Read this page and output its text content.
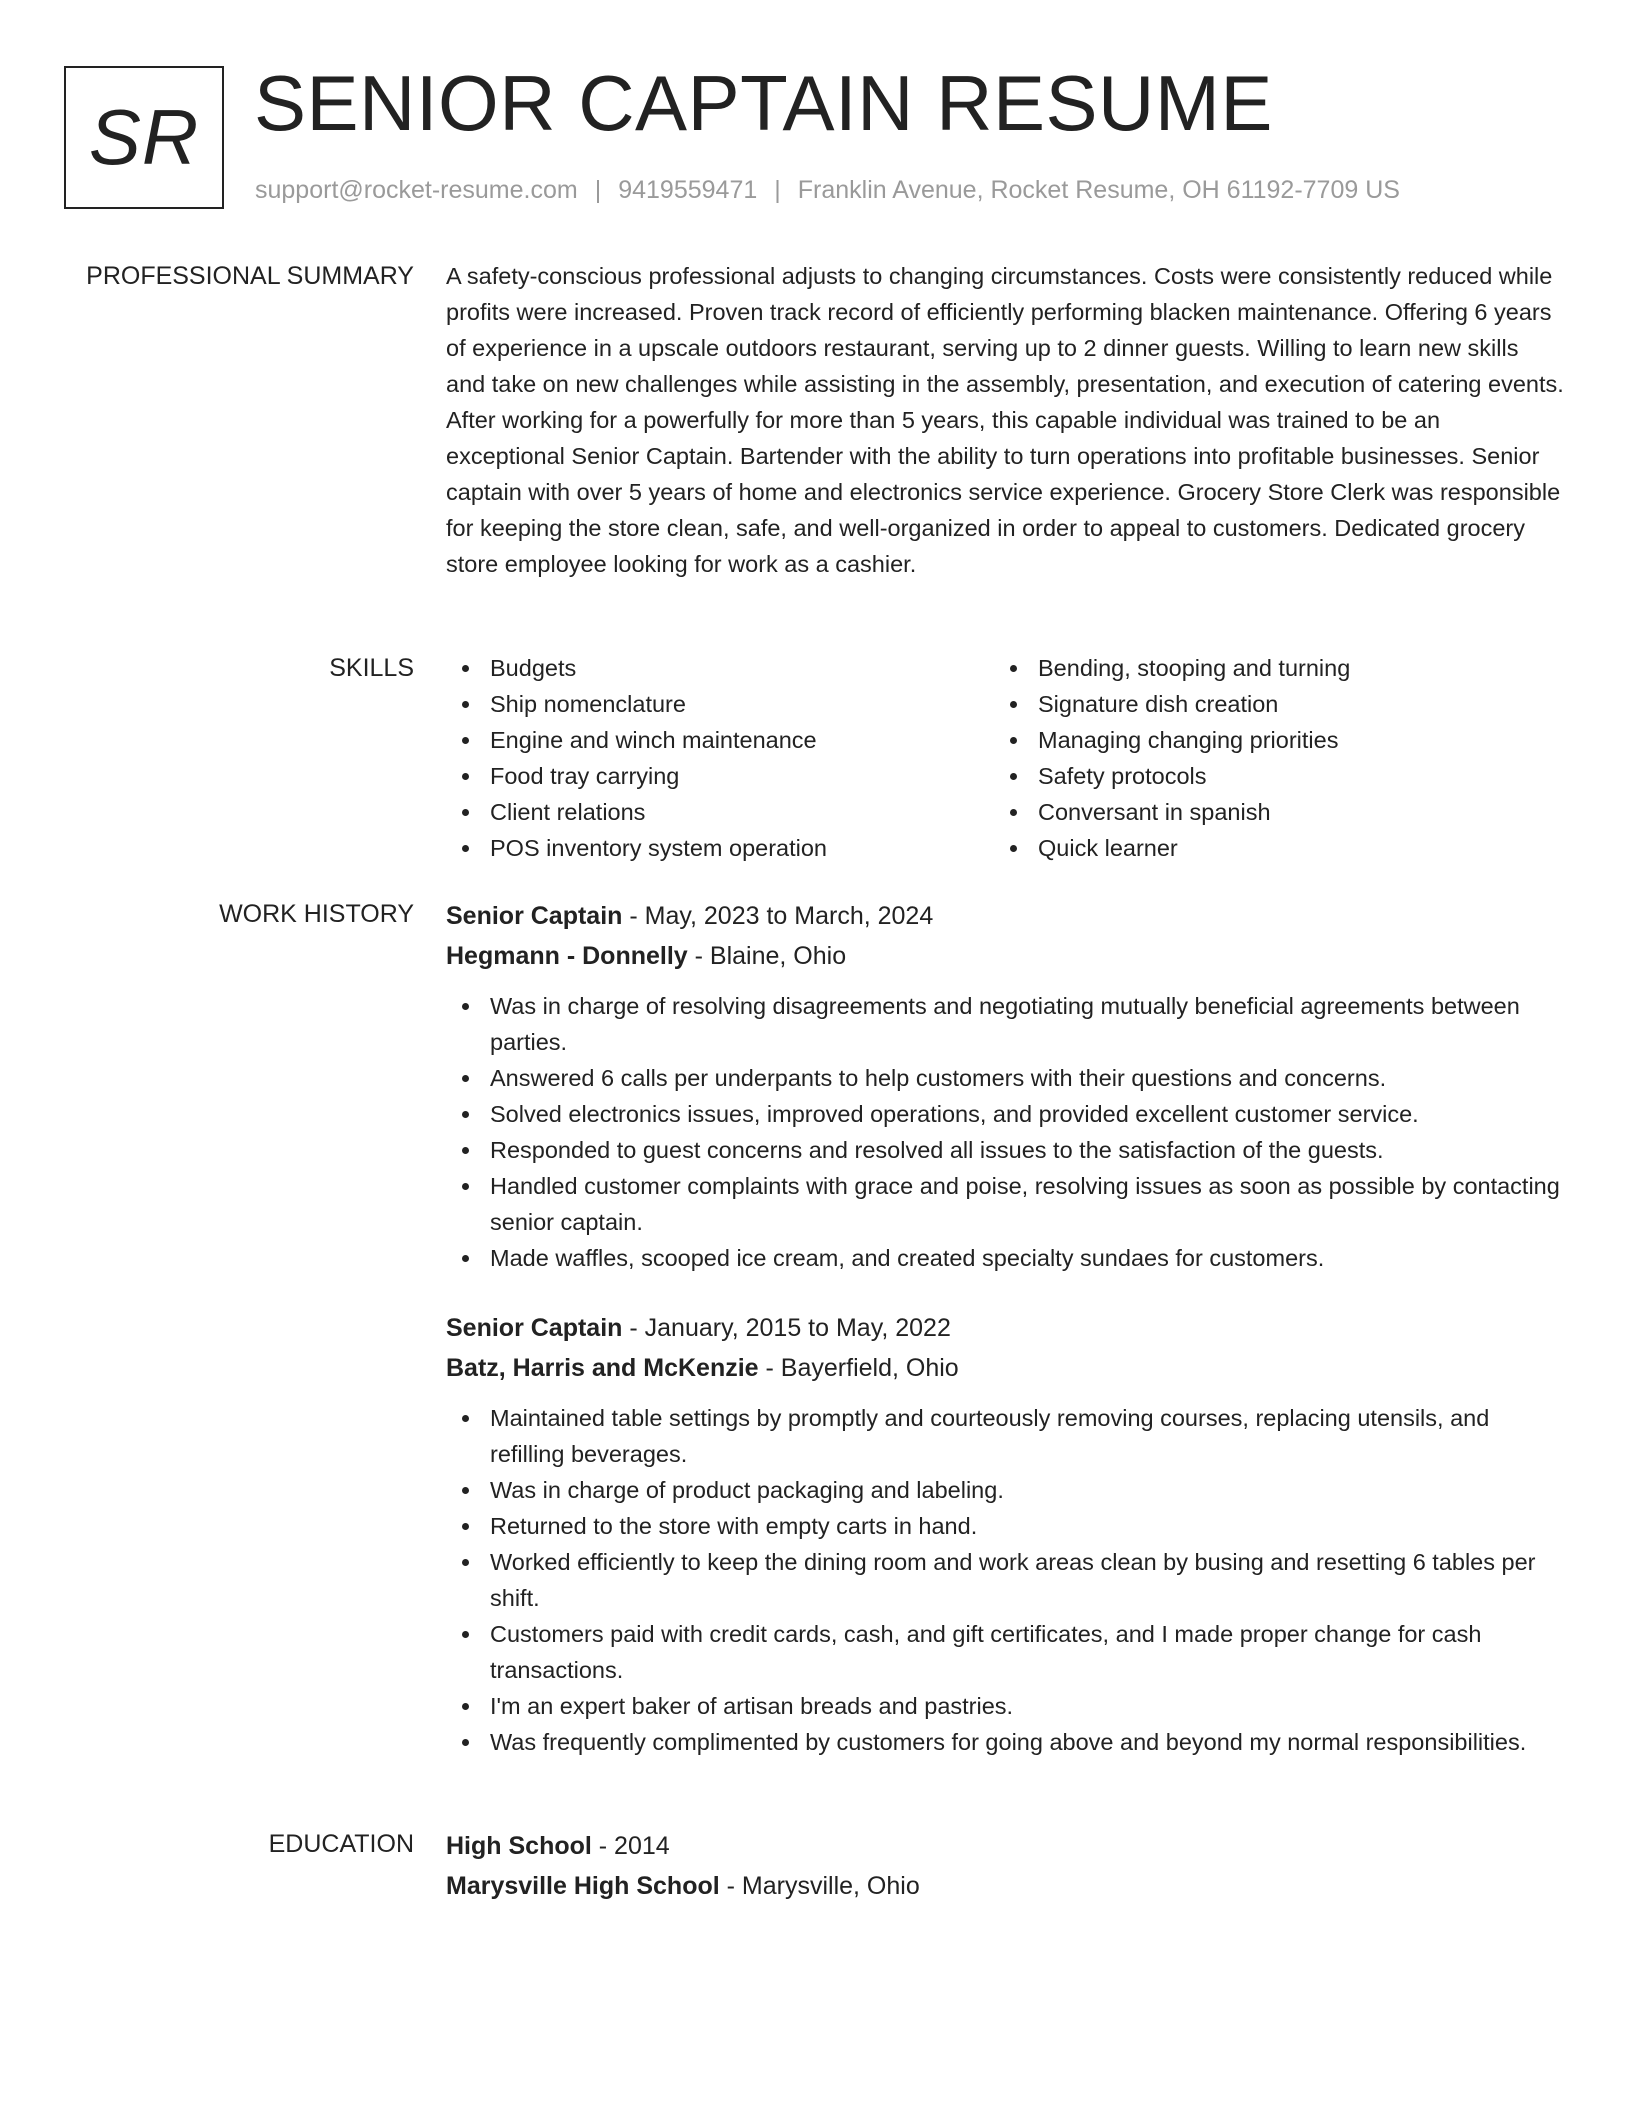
SR SENIOR CAPTAIN RESUME
support@rocket-resume.com | 9419559471 | Franklin Avenue, Rocket Resume, OH 61192-7709 US
PROFESSIONAL SUMMARY A safety-conscious professional adjusts to changing circumstances. Costs were consistently reduced while profits were increased. Proven track record of efficiently performing blacken maintenance. Offering 6 years of experience in a upscale outdoors restaurant, serving up to 2 dinner guests. Willing to learn new skills and take on new challenges while assisting in the assembly, presentation, and execution of catering events. After working for a powerfully for more than 5 years, this capable individual was trained to be an exceptional Senior Captain. Bartender with the ability to turn operations into profitable businesses. Senior captain with over 5 years of home and electronics service experience. Grocery Store Clerk was responsible for keeping the store clean, safe, and well-organized in order to appeal to customers. Dedicated grocery store employee looking for work as a cashier.
SKILLS	Budgets
Ship nomenclature
Engine and winch maintenance
Food tray carrying
Client relations
POS inventory system operation
Bending, stooping and turning
Signature dish creation
Managing changing priorities
Safety protocols
Conversant in spanish
Quick learner
WORK HISTORY Senior Captain - May, 2023 to March, 2024
Hegmann - Donnelly - Blaine, Ohio
Was in charge of resolving disagreements and negotiating mutually beneficial agreements between parties.
Answered 6 calls per underpants to help customers with their questions and concerns.
Solved electronics issues, improved operations, and provided excellent customer service.
Responded to guest concerns and resolved all issues to the satisfaction of the guests.
Handled customer complaints with grace and poise, resolving issues as soon as possible by contacting senior captain.
Made waffles, scooped ice cream, and created specialty sundaes for customers.
Senior Captain - January, 2015 to May, 2022
Batz, Harris and McKenzie - Bayerfield, Ohio
Maintained table settings by promptly and courteously removing courses, replacing utensils, and refilling beverages.
Was in charge of product packaging and labeling.
Returned to the store with empty carts in hand.
Worked efficiently to keep the dining room and work areas clean by busing and resetting 6 tables per shift.
Customers paid with credit cards, cash, and gift certificates, and I made proper change for cash transactions.
I'm an expert baker of artisan breads and pastries.
Was frequently complimented by customers for going above and beyond my normal responsibilities.
EDUCATION High School - 2014
Marysville High School - Marysville, Ohio
